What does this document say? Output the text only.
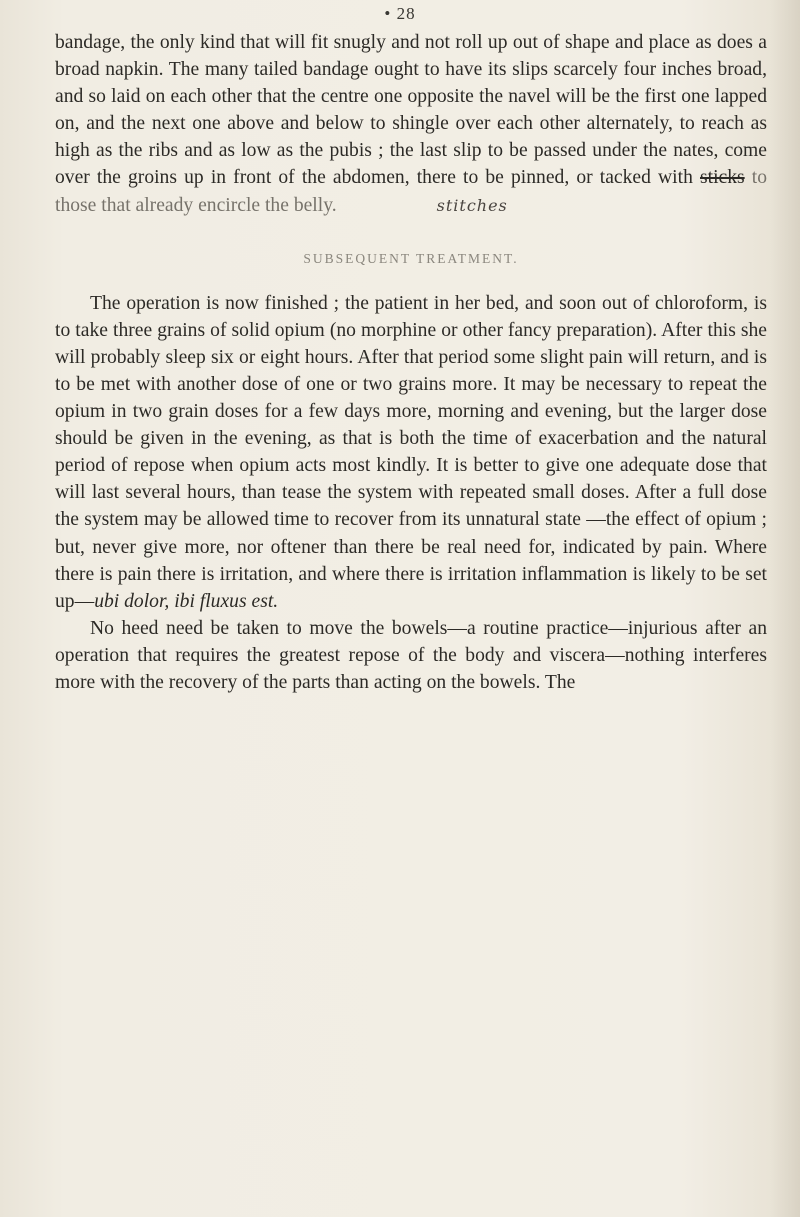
• 28

bandage, the only kind that will fit snugly and not roll up out of shape and place as does a broad napkin. The many tailed bandage ought to have its slips scarcely four inches broad, and so laid on each other that the centre one opposite the navel will be the first one lapped on, and the next one above and below to shingle over each other alternately, to reach as high as the ribs and as low as the pubis ; the last slip to be passed under the nates, come over the groins up in front of the abdomen, there to be pinned, or tacked with sticks to those that already encircle the belly.	stitches

SUBSEQUENT TREATMENT.

The operation is now finished ; the patient in her bed, and soon out of chloroform, is to take three grains of solid opium (no morphine or other fancy preparation). After this she will probably sleep six or eight hours. After that period some slight pain will return, and is to be met with another dose of one or two grains more. It may be necessary to repeat the opium in two grain doses for a few days more, morning and evening, but the larger dose should be given in the evening, as that is both the time of exacerbation and the natural period of repose when opium acts most kindly. It is better to give one adequate dose that will last several hours, than tease the system with repeated small doses. After a full dose the system may be allowed time to recover from its unnatural state —the effect of opium ; but, never give more, nor oftener than there be real need for, indicated by pain. Where there is pain there is irritation, and where there is irritation inflammation is likely to be set up—ubi dolor, ibi fluxus est.

No heed need be taken to move the bowels—a routine practice—injurious after an operation that requires the greatest repose of the body and viscera—nothing interferes more with the recovery of the parts than acting on the bowels. The
